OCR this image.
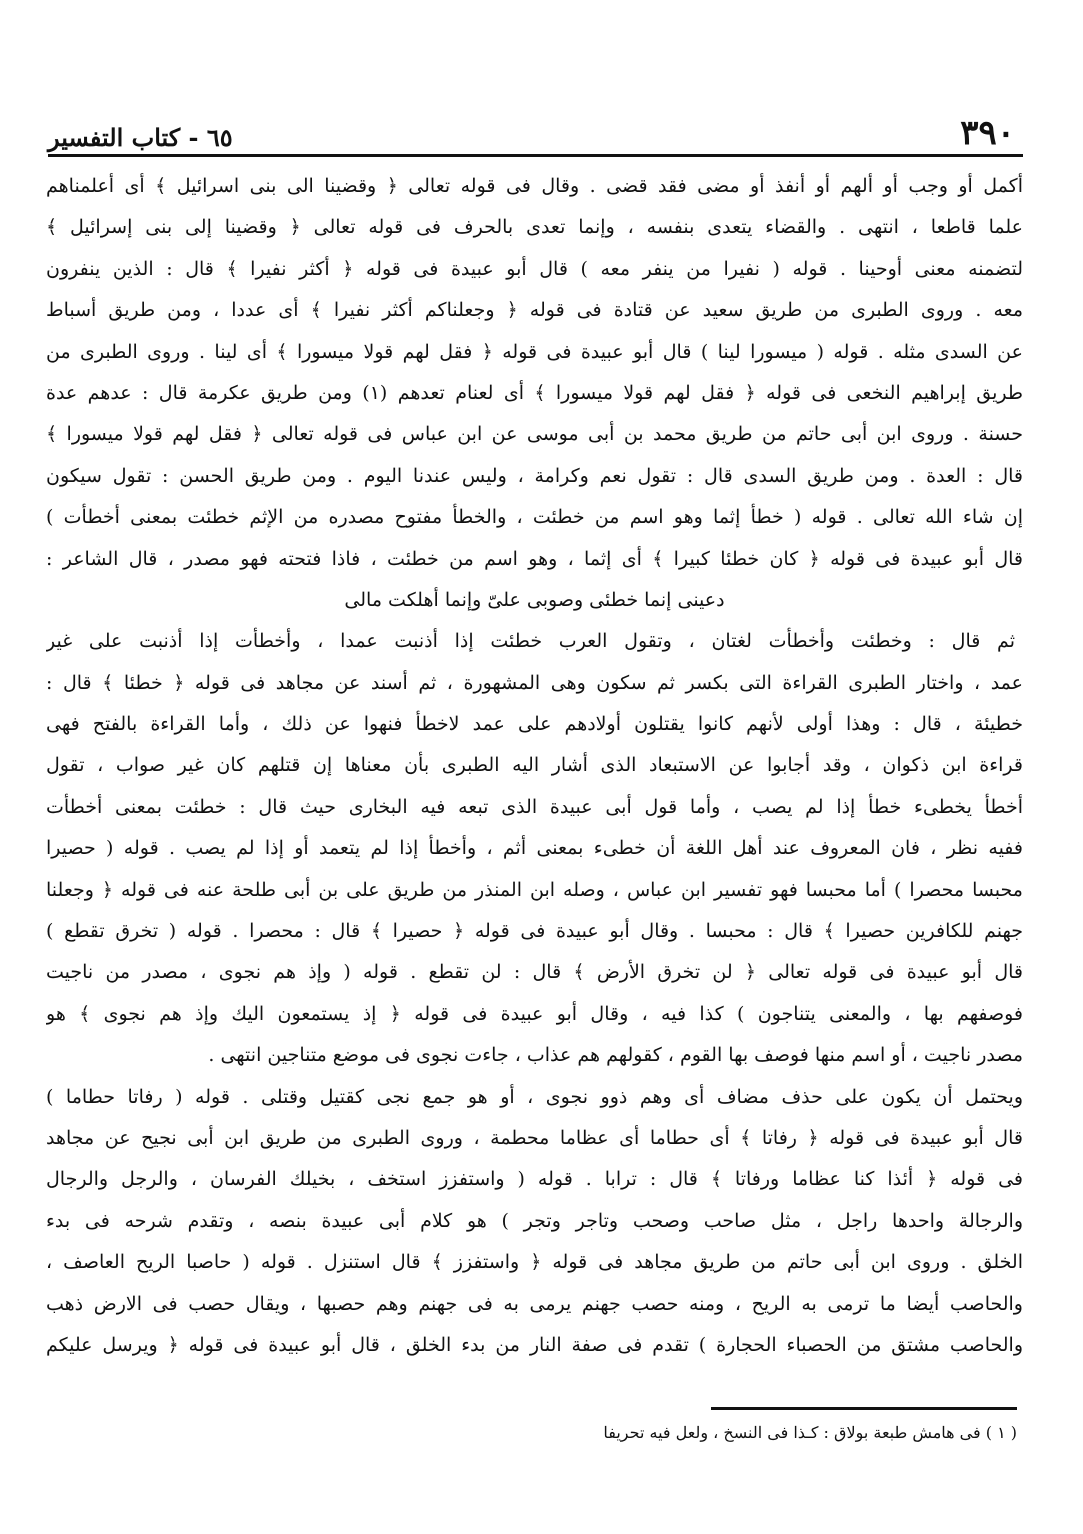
٣٩٠
٦٥ - كتاب التفسير
أكمل أو وجب أو ألهم أو أنفذ أو مضى فقد قضى . وقال فى قوله تعالى ﴿ وقضينا الى بنى اسرائيل ﴾ أى أعلمناهم
علما قاطعا ، انتهى . والقضاء يتعدى بنفسه ، وإنما تعدى بالحرف فى قوله تعالى ﴿ وقضينا إلى بنى إسرائيل ﴾
لتضمنه معنى أوحينا . قوله ( نفيرا من ينفر معه ) قال أبو عبيدة فى قوله ﴿ أكثر نفيرا ﴾ قال : الذين ينفرون
معه . وروى الطبرى من طريق سعيد عن قتادة فى قوله ﴿ وجعلناكم أكثر نفيرا ﴾ أى عددا ، ومن طريق أسباط
عن السدى مثله . قوله ( ميسورا لينا ) قال أبو عبيدة فى قوله ﴿ فقل لهم قولا ميسورا ﴾ أى لينا . وروى الطبرى من
طريق إبراهيم النخعى فى قوله ﴿ فقل لهم قولا ميسورا ﴾ أى لعنام تعدهم (١) ومن طريق عكرمة قال : عدهم عدة
حسنة . وروى ابن أبى حاتم من طريق محمد بن أبى موسى عن ابن عباس فى قوله تعالى ﴿ فقل لهم قولا ميسورا ﴾
قال : العدة . ومن طريق السدى قال : تقول نعم وكرامة ، وليس عندنا اليوم . ومن طريق الحسن : تقول سيكون
إن شاء الله تعالى . قوله ( خطأ إثما وهو اسم من خطئت ، والخطأ مفتوح مصدره من الإثم خطئت بمعنى أخطأت )
قال أبو عبيدة فى قوله ﴿ كان خطئا كبيرا ﴾ أى إثما ، وهو اسم من خطئت ، فاذا فتحته فهو مصدر ، قال الشاعر :
دعينى إنما خطئى وصوبى علىّ وإنما أهلكت مالى
ثم قال : وخطئت وأخطأت لغتان ، وتقول العرب خطئت إذا أذنبت عمدا ، وأخطأت إذا أذنبت على غير
عمد ، واختار الطبرى القراءة التى بكسر ثم سكون وهى المشهورة ، ثم أسند عن مجاهد فى قوله ﴿ خطئا ﴾ قال :
خطيئة ، قال : وهذا أولى لأنهم كانوا يقتلون أولادهم على عمد لاخطأ فنهوا عن ذلك ، وأما القراءة بالفتح فهى
قراءة ابن ذكوان ، وقد أجابوا عن الاستبعاد الذى أشار اليه الطبرى بأن معناها إن قتلهم كان غير صواب ، تقول
أخطأ يخطىء خطأ إذا لم يصب ، وأما قول أبى عبيدة الذى تبعه فيه البخارى حيث قال : خطئت بمعنى أخطأت
ففيه نظر ، فان المعروف عند أهل اللغة أن خطىء بمعنى أثم ، وأخطأ إذا لم يتعمد أو إذا لم يصب . قوله ( حصيرا
محبسا محصرا ) أما محبسا فهو تفسير ابن عباس ، وصله ابن المنذر من طريق على بن أبى طلحة عنه فى قوله ﴿ وجعلنا
جهنم للكافرين حصيرا ﴾ قال : محبسا . وقال أبو عبيدة فى قوله ﴿ حصيرا ﴾ قال : محصرا . قوله ( تخرق تقطع )
قال أبو عبيدة فى قوله تعالى ﴿ لن تخرق الأرض ﴾ قال : لن تقطع . قوله ( وإذ هم نجوى ، مصدر من ناجيت
فوصفهم بها ، والمعنى يتناجون ) كذا فيه ، وقال أبو عبيدة فى قوله ﴿ إذ يستمعون اليك وإذ هم نجوى ﴾ هو
مصدر ناجيت ، أو اسم منها فوصف بها القوم ، كقولهم هم عذاب ، جاءت نجوى فى موضع متناجين انتهى .
ويحتمل أن يكون على حذف مضاف أى وهم ذوو نجوى ، أو هو جمع نجى كقتيل وقتلى . قوله ( رفاتا حطاما )
قال أبو عبيدة فى قوله ﴿ رفاتا ﴾ أى حطاما أى عظاما محطمة ، وروى الطبرى من طريق ابن أبى نجيح عن مجاهد
فى قوله ﴿ أئذا كنا عظاما ورفاتا ﴾ قال : ترابا . قوله ( واستفزز استخف ، بخيلك الفرسان ، والرجل والرجال
والرجالة واحدها راجل ، مثل صاحب وصحب وتاجر وتجر ) هو كلام أبى عبيدة بنصه ، وتقدم شرحه فى بدء
الخلق . وروى ابن أبى حاتم من طريق مجاهد فى قوله ﴿ واستفزز ﴾ قال استنزل . قوله ( حاصبا الريح العاصف ،
والحاصب أيضا ما ترمى به الريح ، ومنه حصب جهنم يرمى به فى جهنم وهم حصبها ، ويقال حصب فى الارض ذهب
والحاصب مشتق من الحصباء الحجارة ) تقدم فى صفة النار من بدء الخلق ، قال أبو عبيدة فى قوله ﴿ ويرسل عليكم
( ١ ) فى هامش طبعة بولاق : كـذا فى النسخ ، ولعل فيه تحريفا
